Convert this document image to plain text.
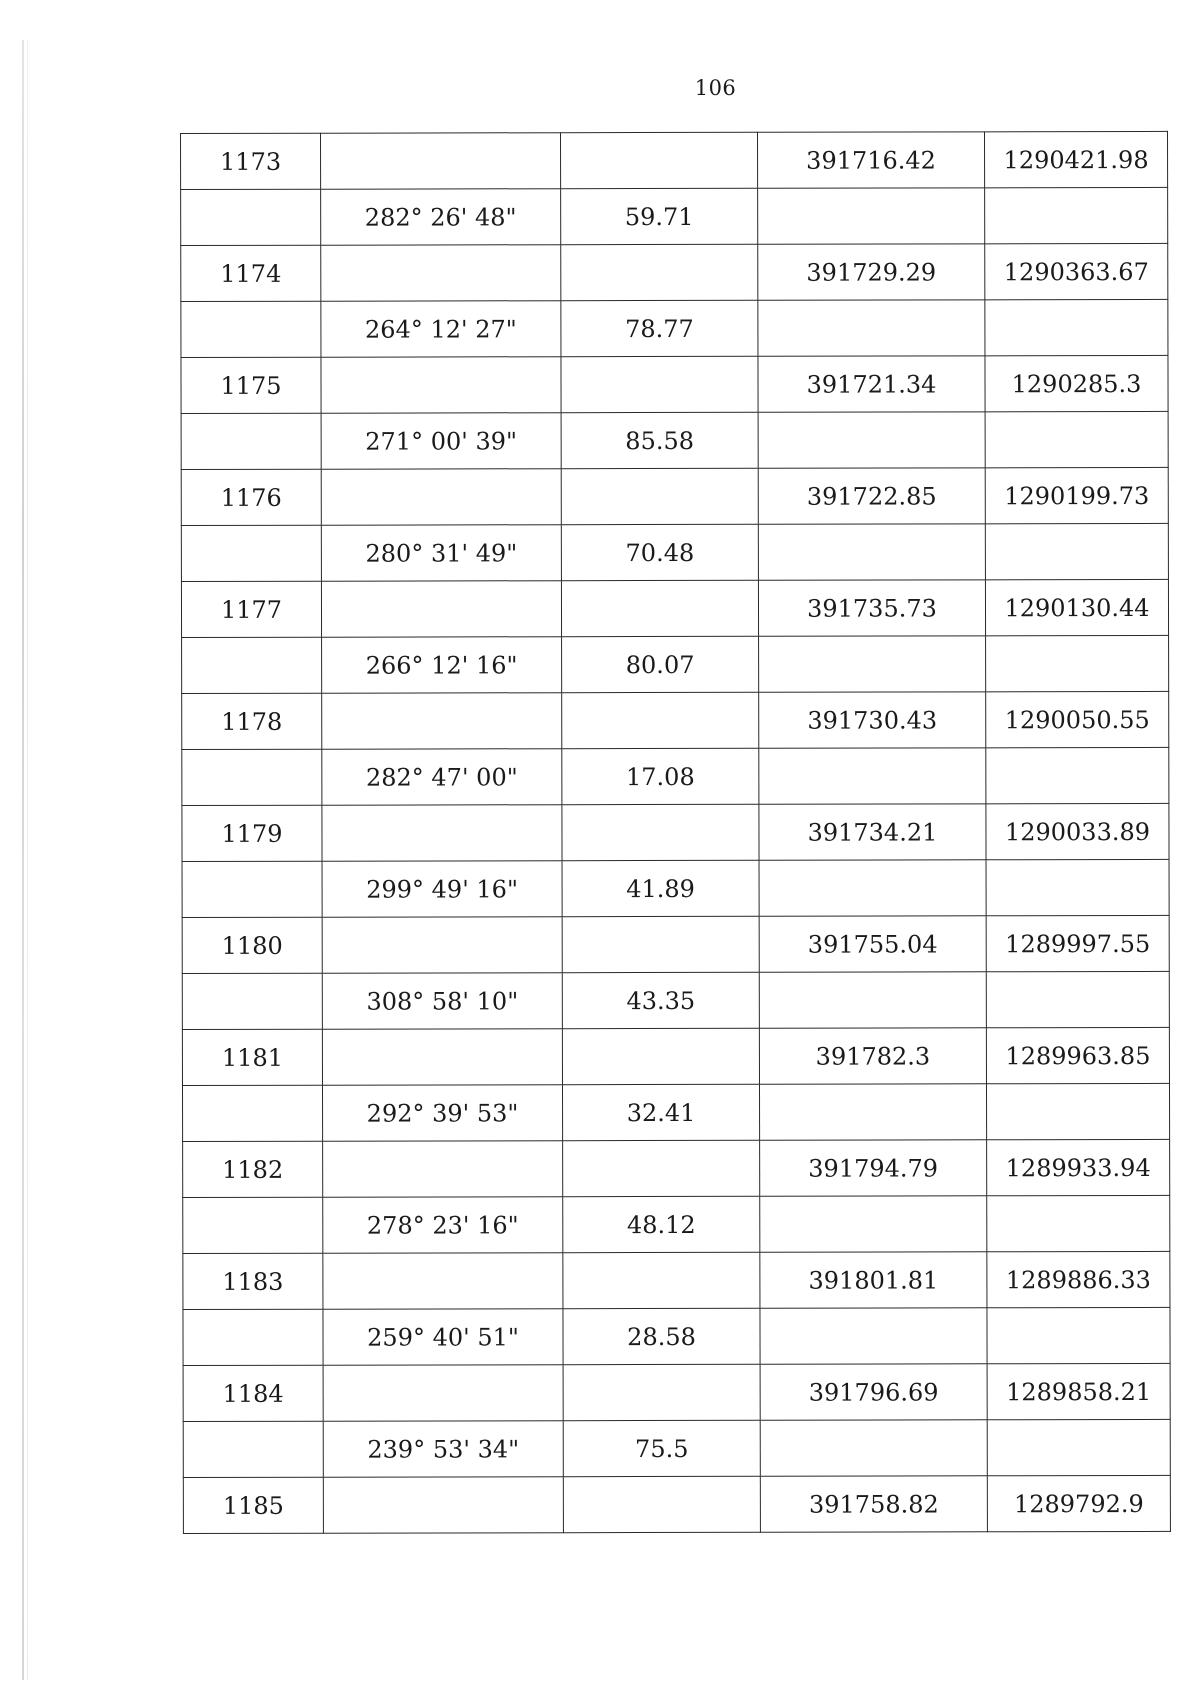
106
1173			391716.42	1290421.98
	282° 26' 48"	59.71		
1174			391729.29	1290363.67
	264° 12' 27"	78.77		
1175			391721.34	1290285.3
	271° 00' 39"	85.58		
1176			391722.85	1290199.73
	280° 31' 49"	70.48		
1177			391735.73	1290130.44
	266° 12' 16"	80.07		
1178			391730.43	1290050.55
	282° 47' 00"	17.08		
1179			391734.21	1290033.89
	299° 49' 16"	41.89		
1180			391755.04	1289997.55
	308° 58' 10"	43.35		
1181			391782.3	1289963.85
	292° 39' 53"	32.41		
1182			391794.79	1289933.94
	278° 23' 16"	48.12		
1183			391801.81	1289886.33
	259° 40' 51"	28.58		
1184			391796.69	1289858.21
	239° 53' 34"	75.5		
1185			391758.82	1289792.9
